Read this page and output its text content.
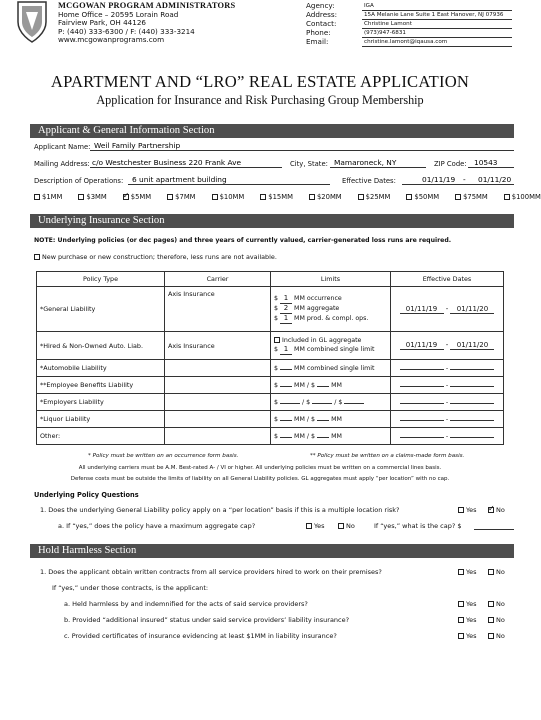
MCGOWAN PROGRAM ADMINISTRATORS
Home Office – 20595 Lorain Road
Fairview Park, OH 44126
P: (440) 333-6300 / F: (440) 333-3214
www.mcgowanprograms.com
Agency:	IGA
Address:	15A Melanie Lane Suite 1 East Hanover, NJ 07936
Contact:	Christine Lamont
Phone:	(973)947-6831
Email:	christine.lamont@iqausa.com
APARTMENT AND “LRO” REAL ESTATE APPLICATION
Application for Insurance and Risk Purchasing Group Membership
Applicant & General Information Section
Applicant Name: Weil Family Partnership
Mailing Address: c/o Westchester Business 220 Frank Ave	City, State: Mamaroneck, NY	ZIP Code: 10543
Description of Operations: 6 unit apartment building	Effective Dates:	01/11/19 - 01/11/20
$1MM	$3MM ✓	$5MM	$7MM	$10MM	$15MM	$20MM	$25MM	$50MM	$75MM	$100MM
Underlying Insurance Section
NOTE: Underlying policies (or dec pages) and three years of currently valued, carrier-generated loss runs are required.
New purchase or new construction; therefore, less runs are not available.
Policy Type	Carrier	Limits	Effective Dates
*General Liability	Axis Insurance	$ 1 MM occurrence
$ 2 MM aggregate
$ 1 MM prod. & compl. ops.	01/11/19 - 01/11/20
*Hired & Non-Owned Auto. Liab.	Axis Insurance	Included in GL aggregate
$ 1 MM combined single limit	01/11/19 - 01/11/20
*Automobile Liability		$ MM combined single limit	-
**Employee Benefits Liability		$ MM / $ MM	-
*Employers Liability		$ / $ / $	-
*Liquor Liability		$ MM / $ MM	-
Other:		$ MM / $ MM	-
* Policy must be written on an occurrence form basis.	** Policy must be written on a claims-made form basis.
All underlying carriers must be A.M. Best-rated A- / VI or higher. All underlying policies must be written on a commercial lines basis.
Defense costs must be outside the limits of liability on all General Liability policies. GL aggregates must apply “per location” with no cap.
Underlying Policy Questions
1. Does the underlying General Liability policy apply on a “per location” basis if this is a multiple location risk?	Yes ✓	No
a. If “yes,” does the policy have a maximum aggregate cap?	Yes	No	If “yes,” what is the cap? $
Hold Harmless Section
1. Does the applicant obtain written contracts from all service providers hired to work on their premises?	Yes	No
If “yes,” under those contracts, is the applicant:
a. Held harmless by and indemnified for the acts of said service providers?	Yes	No
b. Provided “additional insured” status under said service providers’ liability insurance?	Yes	No
c. Provided certificates of insurance evidencing at least $1MM in liability insurance?	Yes	No
